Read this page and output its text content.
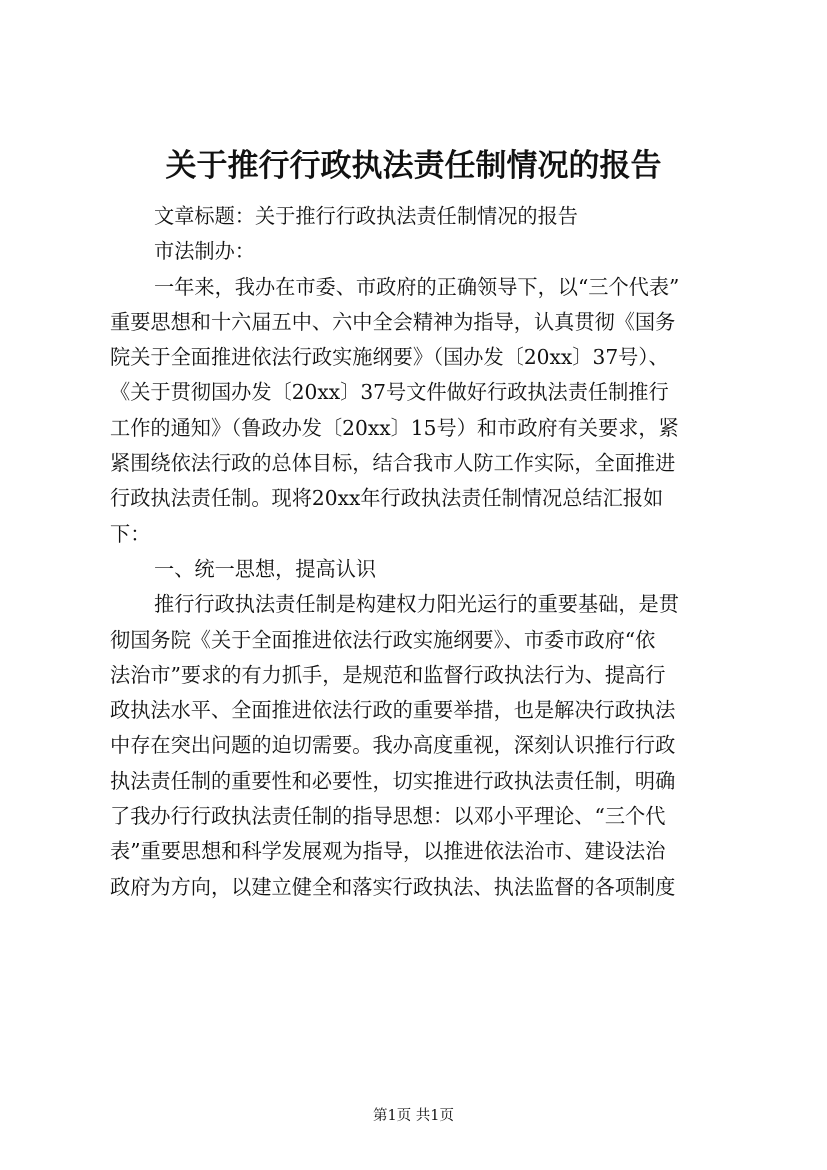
关于推行行政执法责任制情况的报告
文章标题：关于推行行政执法责任制情况的报告
市法制办：
一年来，我办在市委、市政府的正确领导下，以“三个代表”
重要思想和十六届五中、六中全会精神为指导，认真贯彻《国务
院关于全面推进依法行政实施纲要》（国办发〔20xx〕37号）、
《关于贯彻国办发〔20xx〕37号文件做好行政执法责任制推行
工作的通知》（鲁政办发〔20xx〕15号）和市政府有关要求，紧
紧围绕依法行政的总体目标，结合我市人防工作实际，全面推进
行政执法责任制。现将20xx年行政执法责任制情况总结汇报如
下：
一、统一思想，提高认识
推行行政执法责任制是构建权力阳光运行的重要基础，是贯
彻国务院《关于全面推进依法行政实施纲要》、市委市政府“依
法治市”要求的有力抓手，是规范和监督行政执法行为、提高行
政执法水平、全面推进依法行政的重要举措，也是解决行政执法
中存在突出问题的迫切需要。我办高度重视，深刻认识推行行政
执法责任制的重要性和必要性，切实推进行政执法责任制，明确
了我办行行政执法责任制的指导思想：以邓小平理论、“三个代
表”重要思想和科学发展观为指导，以推进依法治市、建设法治
政府为方向，以建立健全和落实行政执法、执法监督的各项制度
第1页 共1页
